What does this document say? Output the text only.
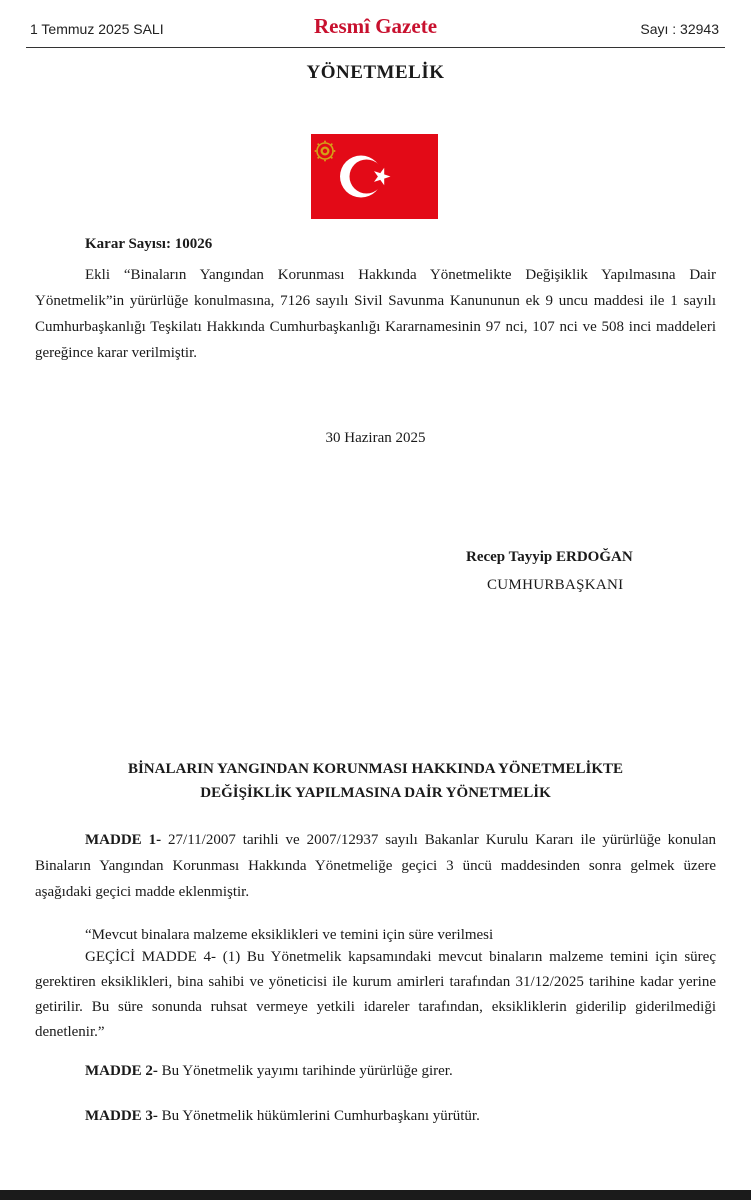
1 Temmuz 2025 SALI	Resmî Gazete	Sayı : 32943
YÖNETMELİK
Karar Sayısı: 10026
Ekli “Binaların Yangından Korunması Hakkında Yönetmelikte Değişiklik Yapılmasına Dair Yönetmelik”in yürürlüğe konulmasına, 7126 sayılı Sivil Savunma Kanununun ek 9 uncu maddesi ile 1 sayılı Cumhurbaşkanlığı Teşkilatı Hakkında Cumhurbaşkanlığı Kararnamesinin 97 nci, 107 nci ve 508 inci maddeleri gereğince karar verilmiştir.
30 Haziran 2025
Recep Tayyip ERDOĞAN
CUMHURBAŞKANI
BİNALARIN YANGINDAN KORUNMASI HAKKINDA YÖNETMELİKTE
DEĞİŞİKLİK YAPILMASINA DAİR YÖNETMELİK
MADDE 1- 27/11/2007 tarihli ve 2007/12937 sayılı Bakanlar Kurulu Kararı ile yürürlüğe konulan Binaların Yangından Korunması Hakkında Yönetmeliğe geçici 3 üncü maddesinden sonra gelmek üzere aşağıdaki geçici madde eklenmiştir.
“Mevcut binalara malzeme eksiklikleri ve temini için süre verilmesi
GEÇİCİ MADDE 4- (1) Bu Yönetmelik kapsamındaki mevcut binaların malzeme temini için süreç gerektiren eksiklikleri, bina sahibi ve yöneticisi ile kurum amirleri tarafından 31/12/2025 tarihine kadar yerine getirilir. Bu süre sonunda ruhsat vermeye yetkili idareler tarafından, eksikliklerin giderilip giderilmediği denetlenir.”
MADDE 2- Bu Yönetmelik yayımı tarihinde yürürlüğe girer.
MADDE 3- Bu Yönetmelik hükümlerini Cumhurbaşkanı yürütür.
